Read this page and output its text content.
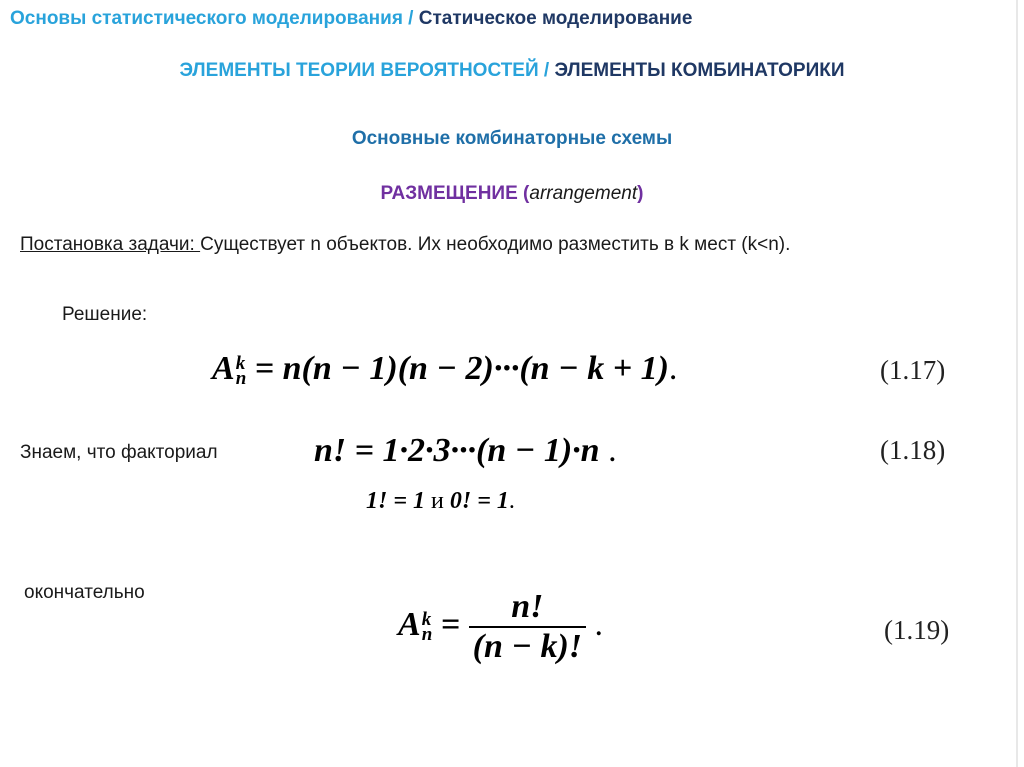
Основы статистического моделирования / Статическое моделирование
ЭЛЕМЕНТЫ ТЕОРИИ ВЕРОЯТНОСТЕЙ / ЭЛЕМЕНТЫ КОМБИНАТОРИКИ
Основные комбинаторные схемы
РАЗМЕЩЕНИЕ (arrangement)
Постановка задачи: Существует n объектов. Их необходимо разместить в k мест (k<n).
Решение:
A k
n = n(n − 1)(n − 2)···(n − k + 1).	(1.17)
Знаем, что факториал	n! = 1·2·3···(n − 1)·n .	(1.18)
1! = 1 и 0! = 1.
окончательно
A k
$n = \frac{n!}{(n - k)!}$ .	(1.19)
